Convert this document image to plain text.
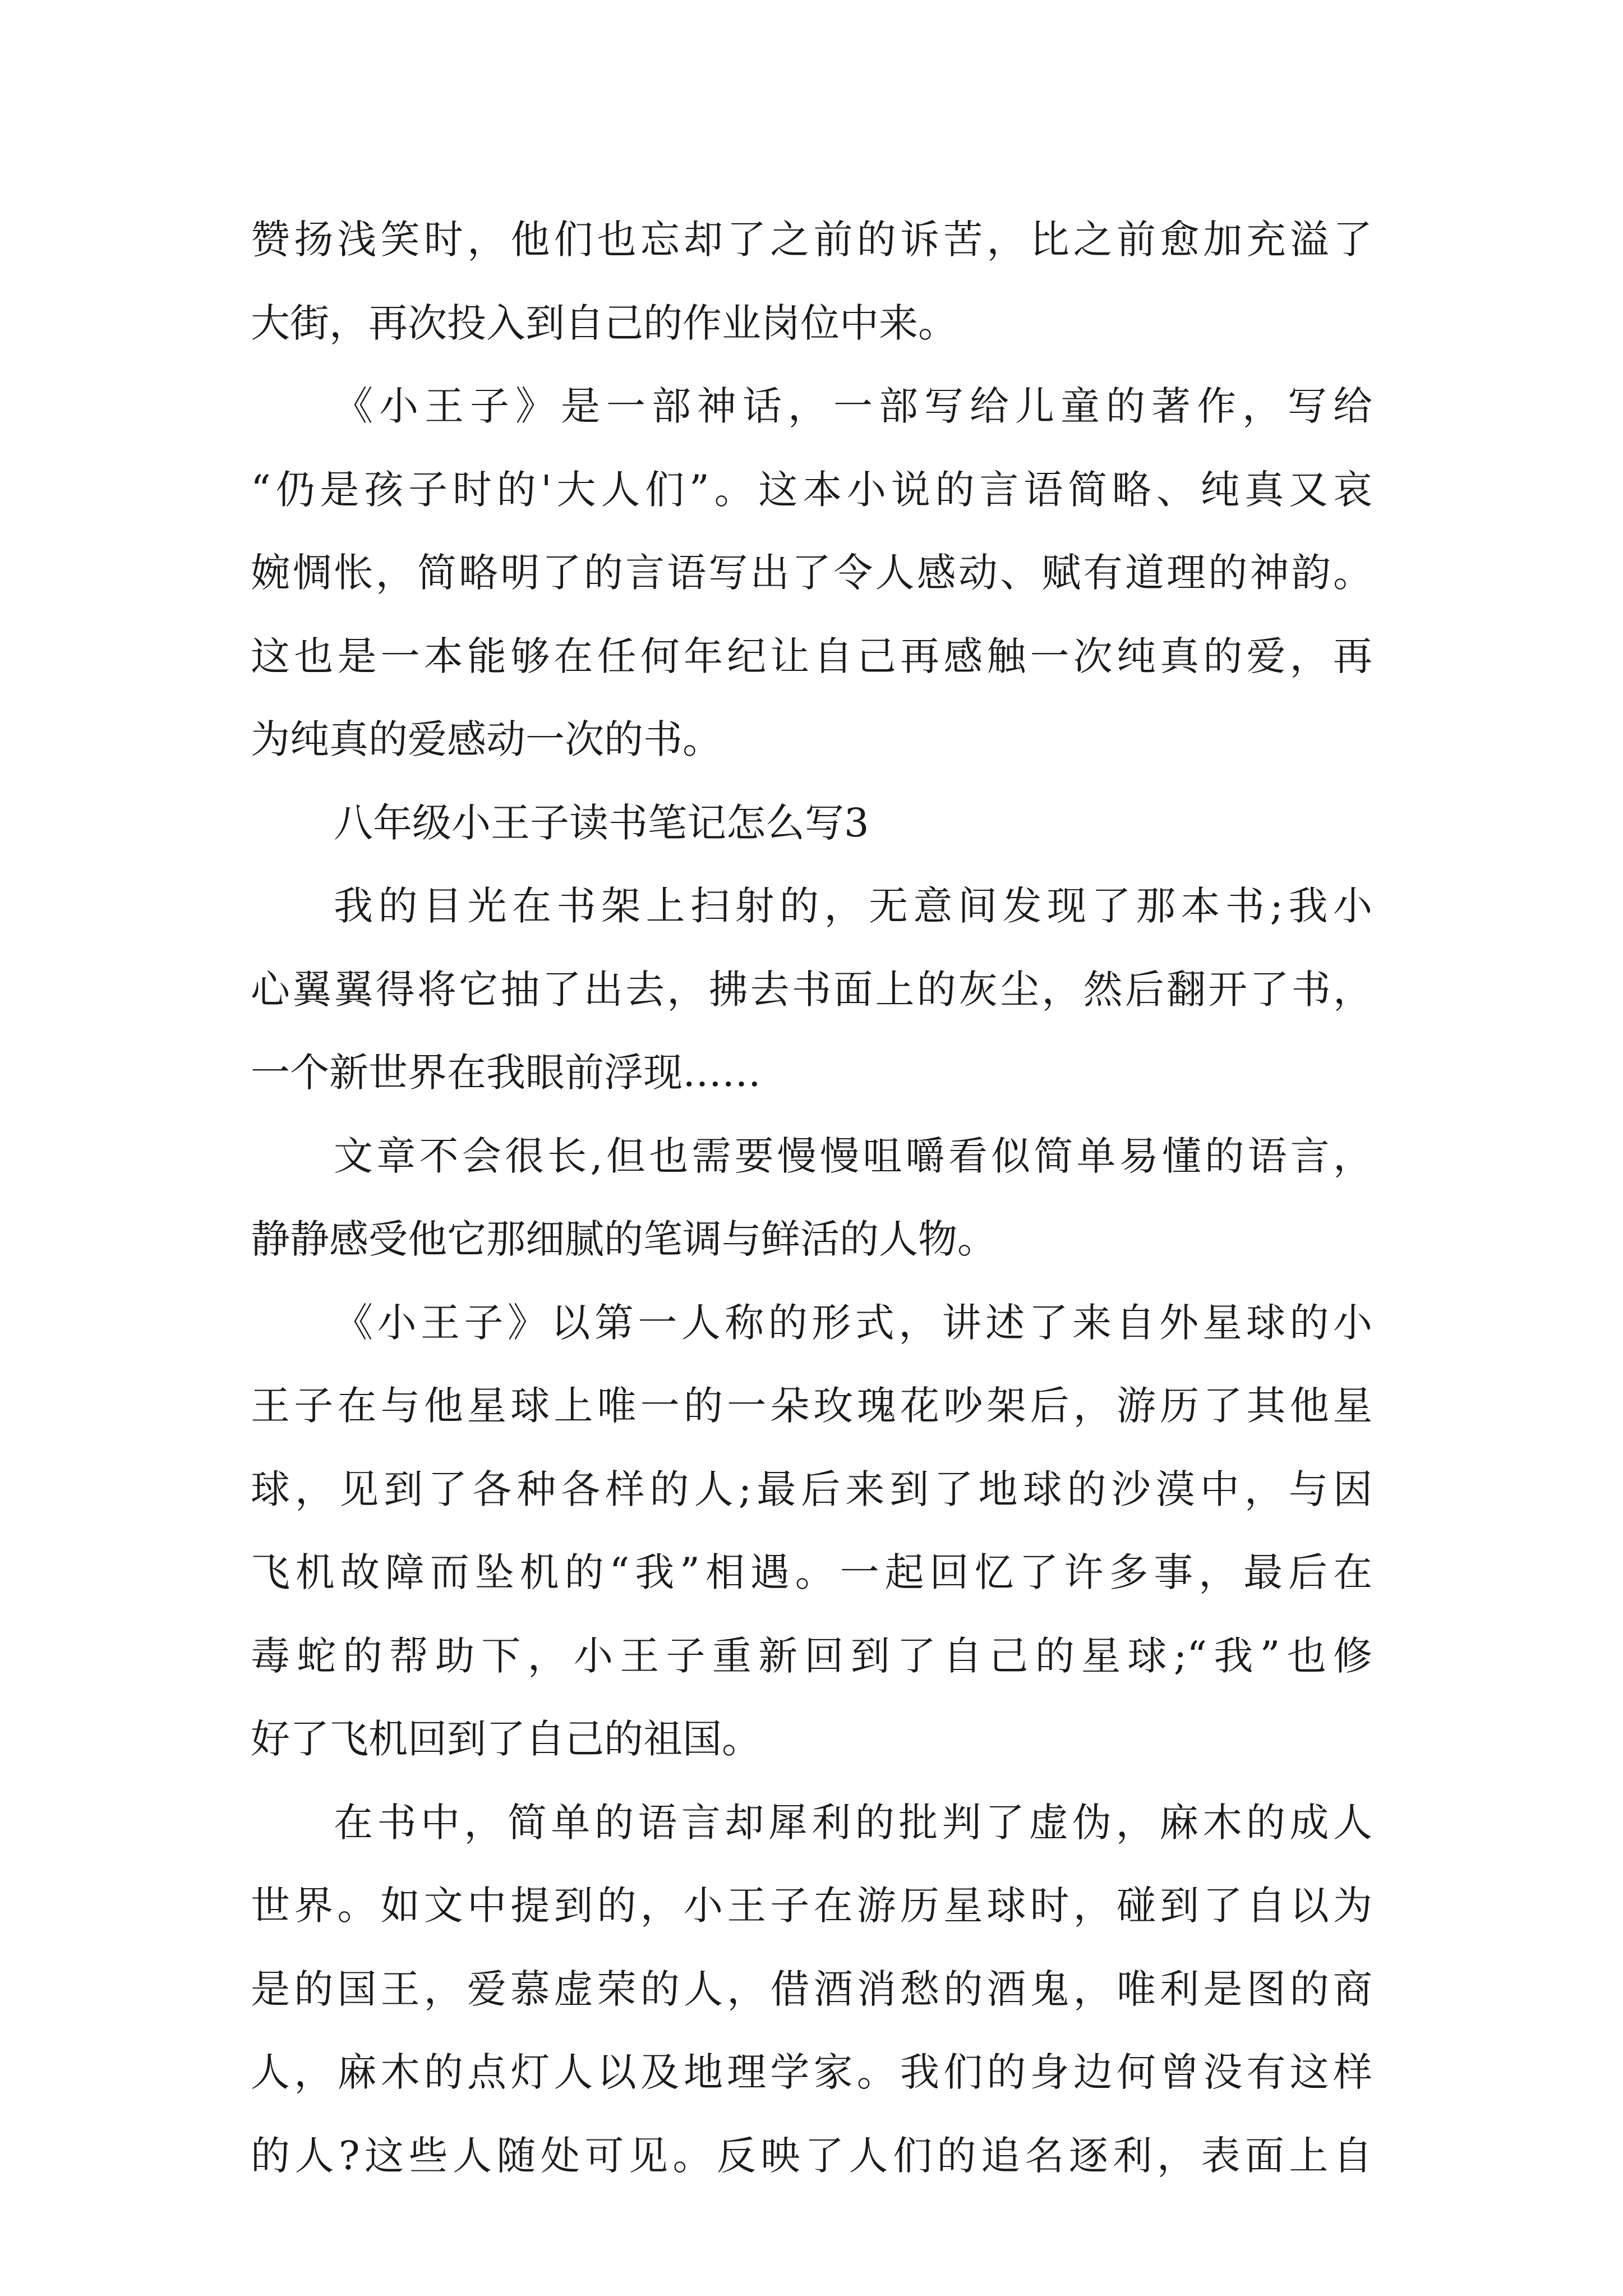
赞扬浅笑时，他们也忘却了之前的诉苦，比之前愈加充溢了
大街，再次投入到自己的作业岗位中来。
《小王子》是一部神话，一部写给儿童的著作，写给
“仍是孩子时的'大人们”。这本小说的言语简略、纯真又哀
婉惆怅，简略明了的言语写出了令人感动、赋有道理的神韵。
这也是一本能够在任何年纪让自己再感触一次纯真的爱，再
为纯真的爱感动一次的书。
八年级小王子读书笔记怎么写3
我的目光在书架上扫射的，无意间发现了那本书;我小
心翼翼得将它抽了出去，拂去书面上的灰尘，然后翻开了书，
一个新世界在我眼前浮现……
文章不会很长,但也需要慢慢咀嚼看似简单易懂的语言，
静静感受他它那细腻的笔调与鲜活的人物。
《小王子》以第一人称的形式，讲述了来自外星球的小
王子在与他星球上唯一的一朵玫瑰花吵架后，游历了其他星
球，见到了各种各样的人;最后来到了地球的沙漠中，与因
飞机故障而坠机的“我”相遇。一起回忆了许多事，最后在
毒蛇的帮助下，小王子重新回到了自己的星球;“我”也修
好了飞机回到了自己的祖国。
在书中，简单的语言却犀利的批判了虚伪，麻木的成人
世界。如文中提到的，小王子在游历星球时，碰到了自以为
是的国王，爱慕虚荣的人，借酒消愁的酒鬼，唯利是图的商
人，麻木的点灯人以及地理学家。我们的身边何曾没有这样
的人?这些人随处可见。反映了人们的追名逐利，表面上自
